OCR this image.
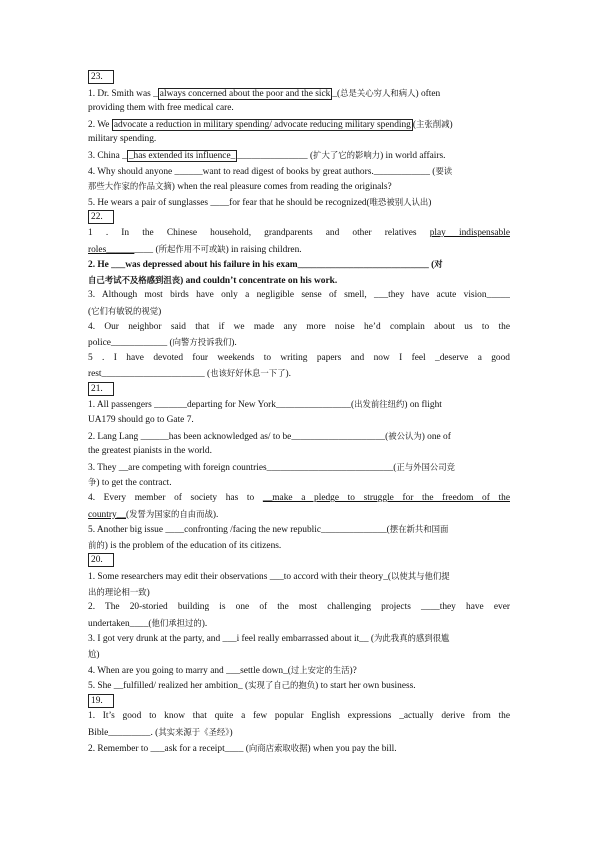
23.
1. Dr. Smith was _ always concerned about the poor and the sick _(总是关心穷人和病人) often
providing them with free medical care.
2. We advocate a reduction in military spending/ advocate reducing military spending (主张削减)
military spending.
3. China _ _has extended its influence_ _______________ (扩大了它的影响力) in world affairs.
4. Why should anyone ______want to read digest of books by great authors.____________ (要读
那些大作家的作品文摘) when the real pleasure comes from reading the originals?
5. He wears a pair of sunglasses ____for fear that he should be recognized(唯恐被别人认出)
22.
1 . In the Chinese household, grandparents and other relatives play indispensable
roles__________ (所起作用不可或缺) in raising children.
2. He ___was depressed about his failure in his exam____________________________ (对
自己考试不及格感到沮丧) and couldn’t concentrate on his work.
3. Although most birds have only a negligible sense of smell, ___they have acute vision_____
(它们有敏锐的视觉)
4. Our neighbor said that if we made any more noise he’d complain about us to the
police____________ (向警方投诉我们).
5 . I have devoted four weekends to writing papers and now I feel _deserve a good
rest______________________ (也该好好休息一下了).
21.
1. All passengers _______departing for New York________________(出发前往纽约) on flight
UA179 should go to Gate 7.
2. Lang Lang ______has been acknowledged as/ to be____________________(被公认为) one of
the greatest pianists in the world.
3. They __are competing with foreign countries___________________________(正与外国公司竞
争) to get the contract.
4. Every member of society has to __make a pledge to struggle for the freedom of the
country__(发誓为国家的自由而战).
5. Another big issue ____confronting /facing the new republic______________(摆在新共和国面
前的) is the problem of the education of its citizens.
20.
1. Some researchers may edit their observations ___to accord with their theory_(以使其与他们提
出的理论相一致)
2. The 20-storied building is one of the most challenging projects ____they have ever
undertaken____(他们承担过的).
3. I got very drunk at the party, and ___i feel really embarrassed about it__ (为此我真的感到很尴
尬)
4. When are you going to marry and ___settle down_(过上安定的生活)?
5. She __fulfilled/ realized her ambition_ (实现了自己的抱负) to start her own business.
19.
1. It’s good to know that quite a few popular English expressions _actually derive from the
Bible_________. (其实来源于《圣经》)
2. Remember to ___ask for a receipt____ (向商店索取收据) when you pay the bill.
